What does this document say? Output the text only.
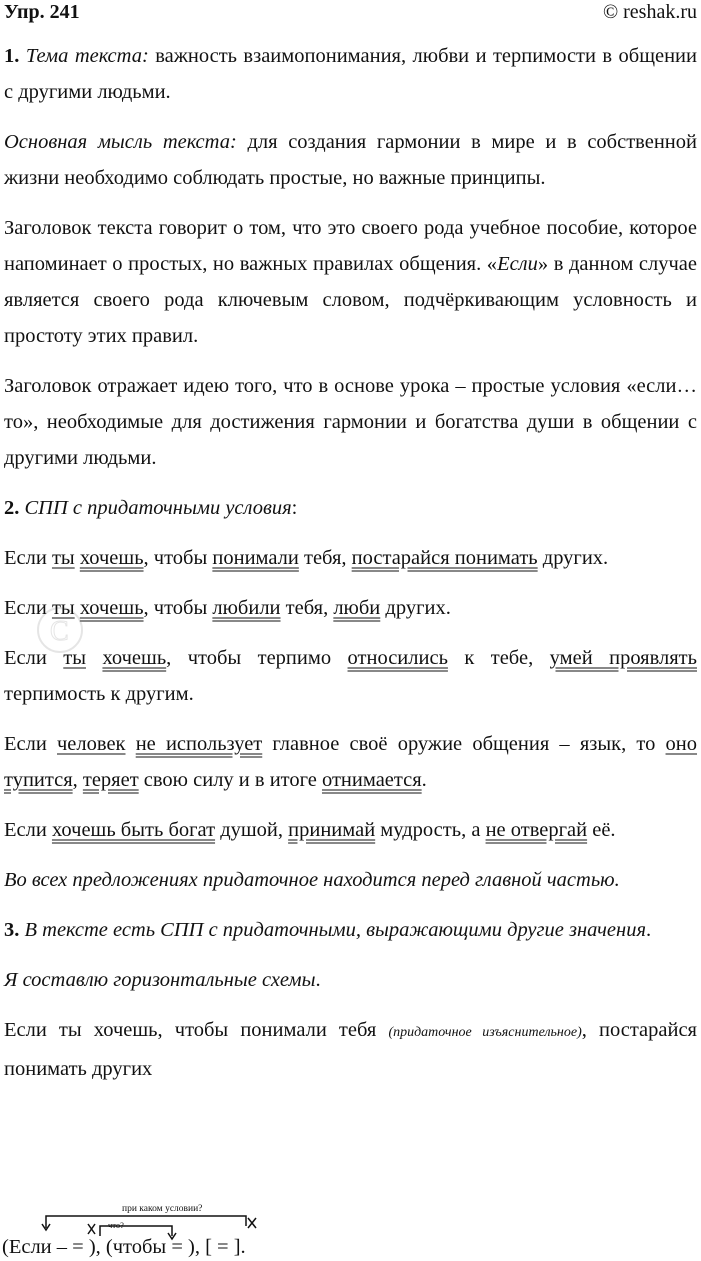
Упр. 241	© reshak.ru
C

1. Тема текста: важность взаимопонимания, любви и терпимости в общении с другими людьми.

Основная мысль текста: для создания гармонии в мире и в собственной жизни необходимо соблюдать простые, но важные принципы.

Заголовок текста говорит о том, что это своего рода учебное пособие, которое напоминает о простых, но важных правилах общения. «Если» в данном случае является своего рода ключевым словом, подчёркивающим условность и простоту этих правил.

Заголовок отражает идею того, что в основе урока – простые условия «если… то», необходимые для достижения гармонии и богатства души в общении с другими людьми.

2. СПП с придаточными условия:

Если ты хочешь, чтобы понимали тебя, постарайся понимать других.

Если ты хочешь, чтобы любили тебя, люби других.

Если ты хочешь, чтобы терпимо относились к тебе, умей проявлять терпимость к другим.

Если человек не использует главное своё оружие общения – язык, то оно тупится, теряет свою силу и в итоге отнимается.

Если хочешь быть богат душой, принимай мудрость, а не отвергай её.

Во всех предложениях придаточное находится перед главной частью.

3. В тексте есть СПП с придаточными, выражающими другие значения.

Я составлю горизонтальные схемы.

Если ты хочешь, чтобы понимали тебя (придаточное изъяснительное), постарайся понимать других

при каком условии?
что?
(Если – = ), (чтобы = ), [ = ].
